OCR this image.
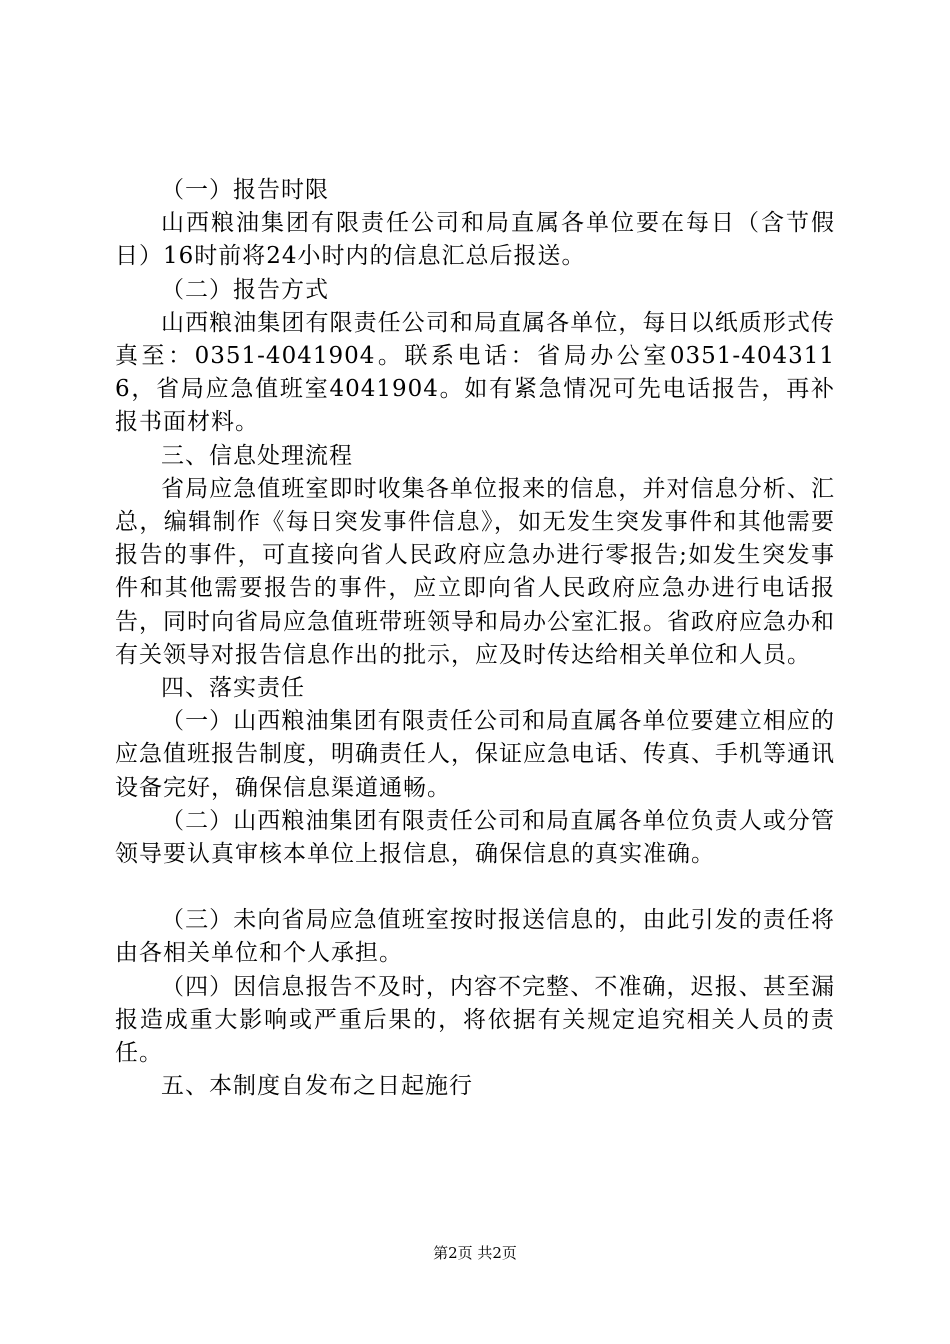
（一）报告时限

山西粮油集团有限责任公司和局直属各单位要在每日（含节假日）16时前将24小时内的信息汇总后报送。

（二）报告方式

山西粮油集团有限责任公司和局直属各单位，每日以纸质形式传真至：0351-4041904。联系电话：省局办公室0351-4043116，省局应急值班室4041904。如有紧急情况可先电话报告，再补报书面材料。

三、信息处理流程

省局应急值班室即时收集各单位报来的信息，并对信息分析、汇总，编辑制作《每日突发事件信息》，如无发生突发事件和其他需要报告的事件，可直接向省人民政府应急办进行零报告;如发生突发事件和其他需要报告的事件，应立即向省人民政府应急办进行电话报告，同时向省局应急值班带班领导和局办公室汇报。省政府应急办和有关领导对报告信息作出的批示，应及时传达给相关单位和人员。

四、落实责任

（一）山西粮油集团有限责任公司和局直属各单位要建立相应的应急值班报告制度，明确责任人，保证应急电话、传真、手机等通讯设备完好，确保信息渠道通畅。

（二）山西粮油集团有限责任公司和局直属各单位负责人或分管领导要认真审核本单位上报信息，确保信息的真实准确。

（三）未向省局应急值班室按时报送信息的，由此引发的责任将由各相关单位和个人承担。

（四）因信息报告不及时，内容不完整、不准确，迟报、甚至漏报造成重大影响或严重后果的，将依据有关规定追究相关人员的责任。

五、本制度自发布之日起施行

第2页 共2页
